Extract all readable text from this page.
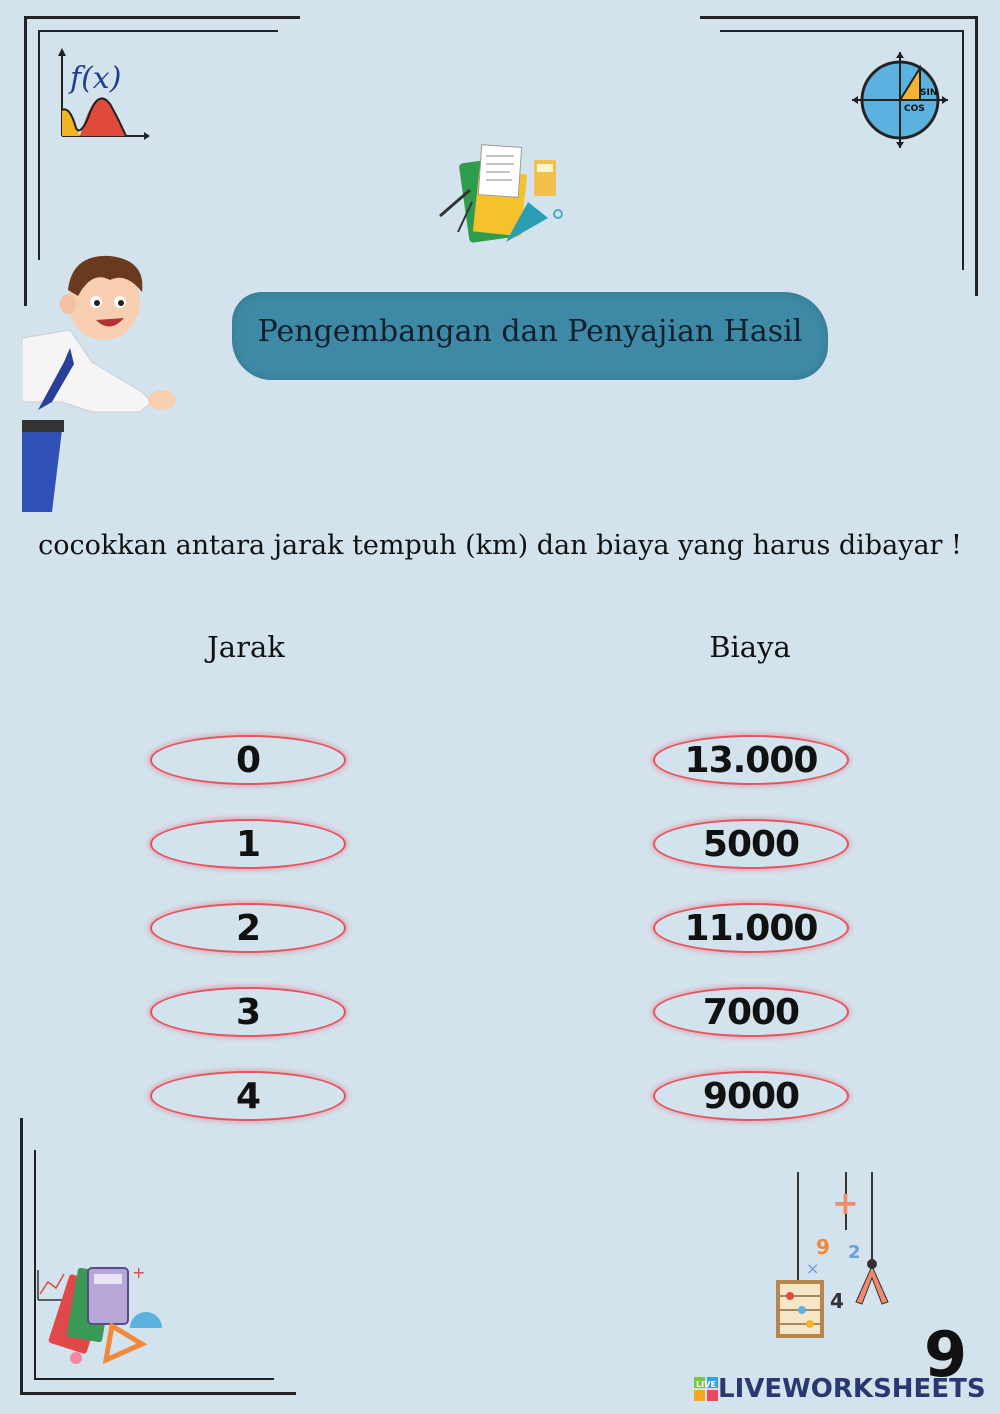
f(x)	SIN
COS
Pengembangan dan Penyajian Hasil
cocokkan antara jarak tempuh (km) dan biaya yang harus dibayar !
Jarak	Biaya
0
1
2
3
4
13.000
5000
11.000
7000
9000
+
+
9 2
×
4
9
LIVE LIVEWORKSHEETS
